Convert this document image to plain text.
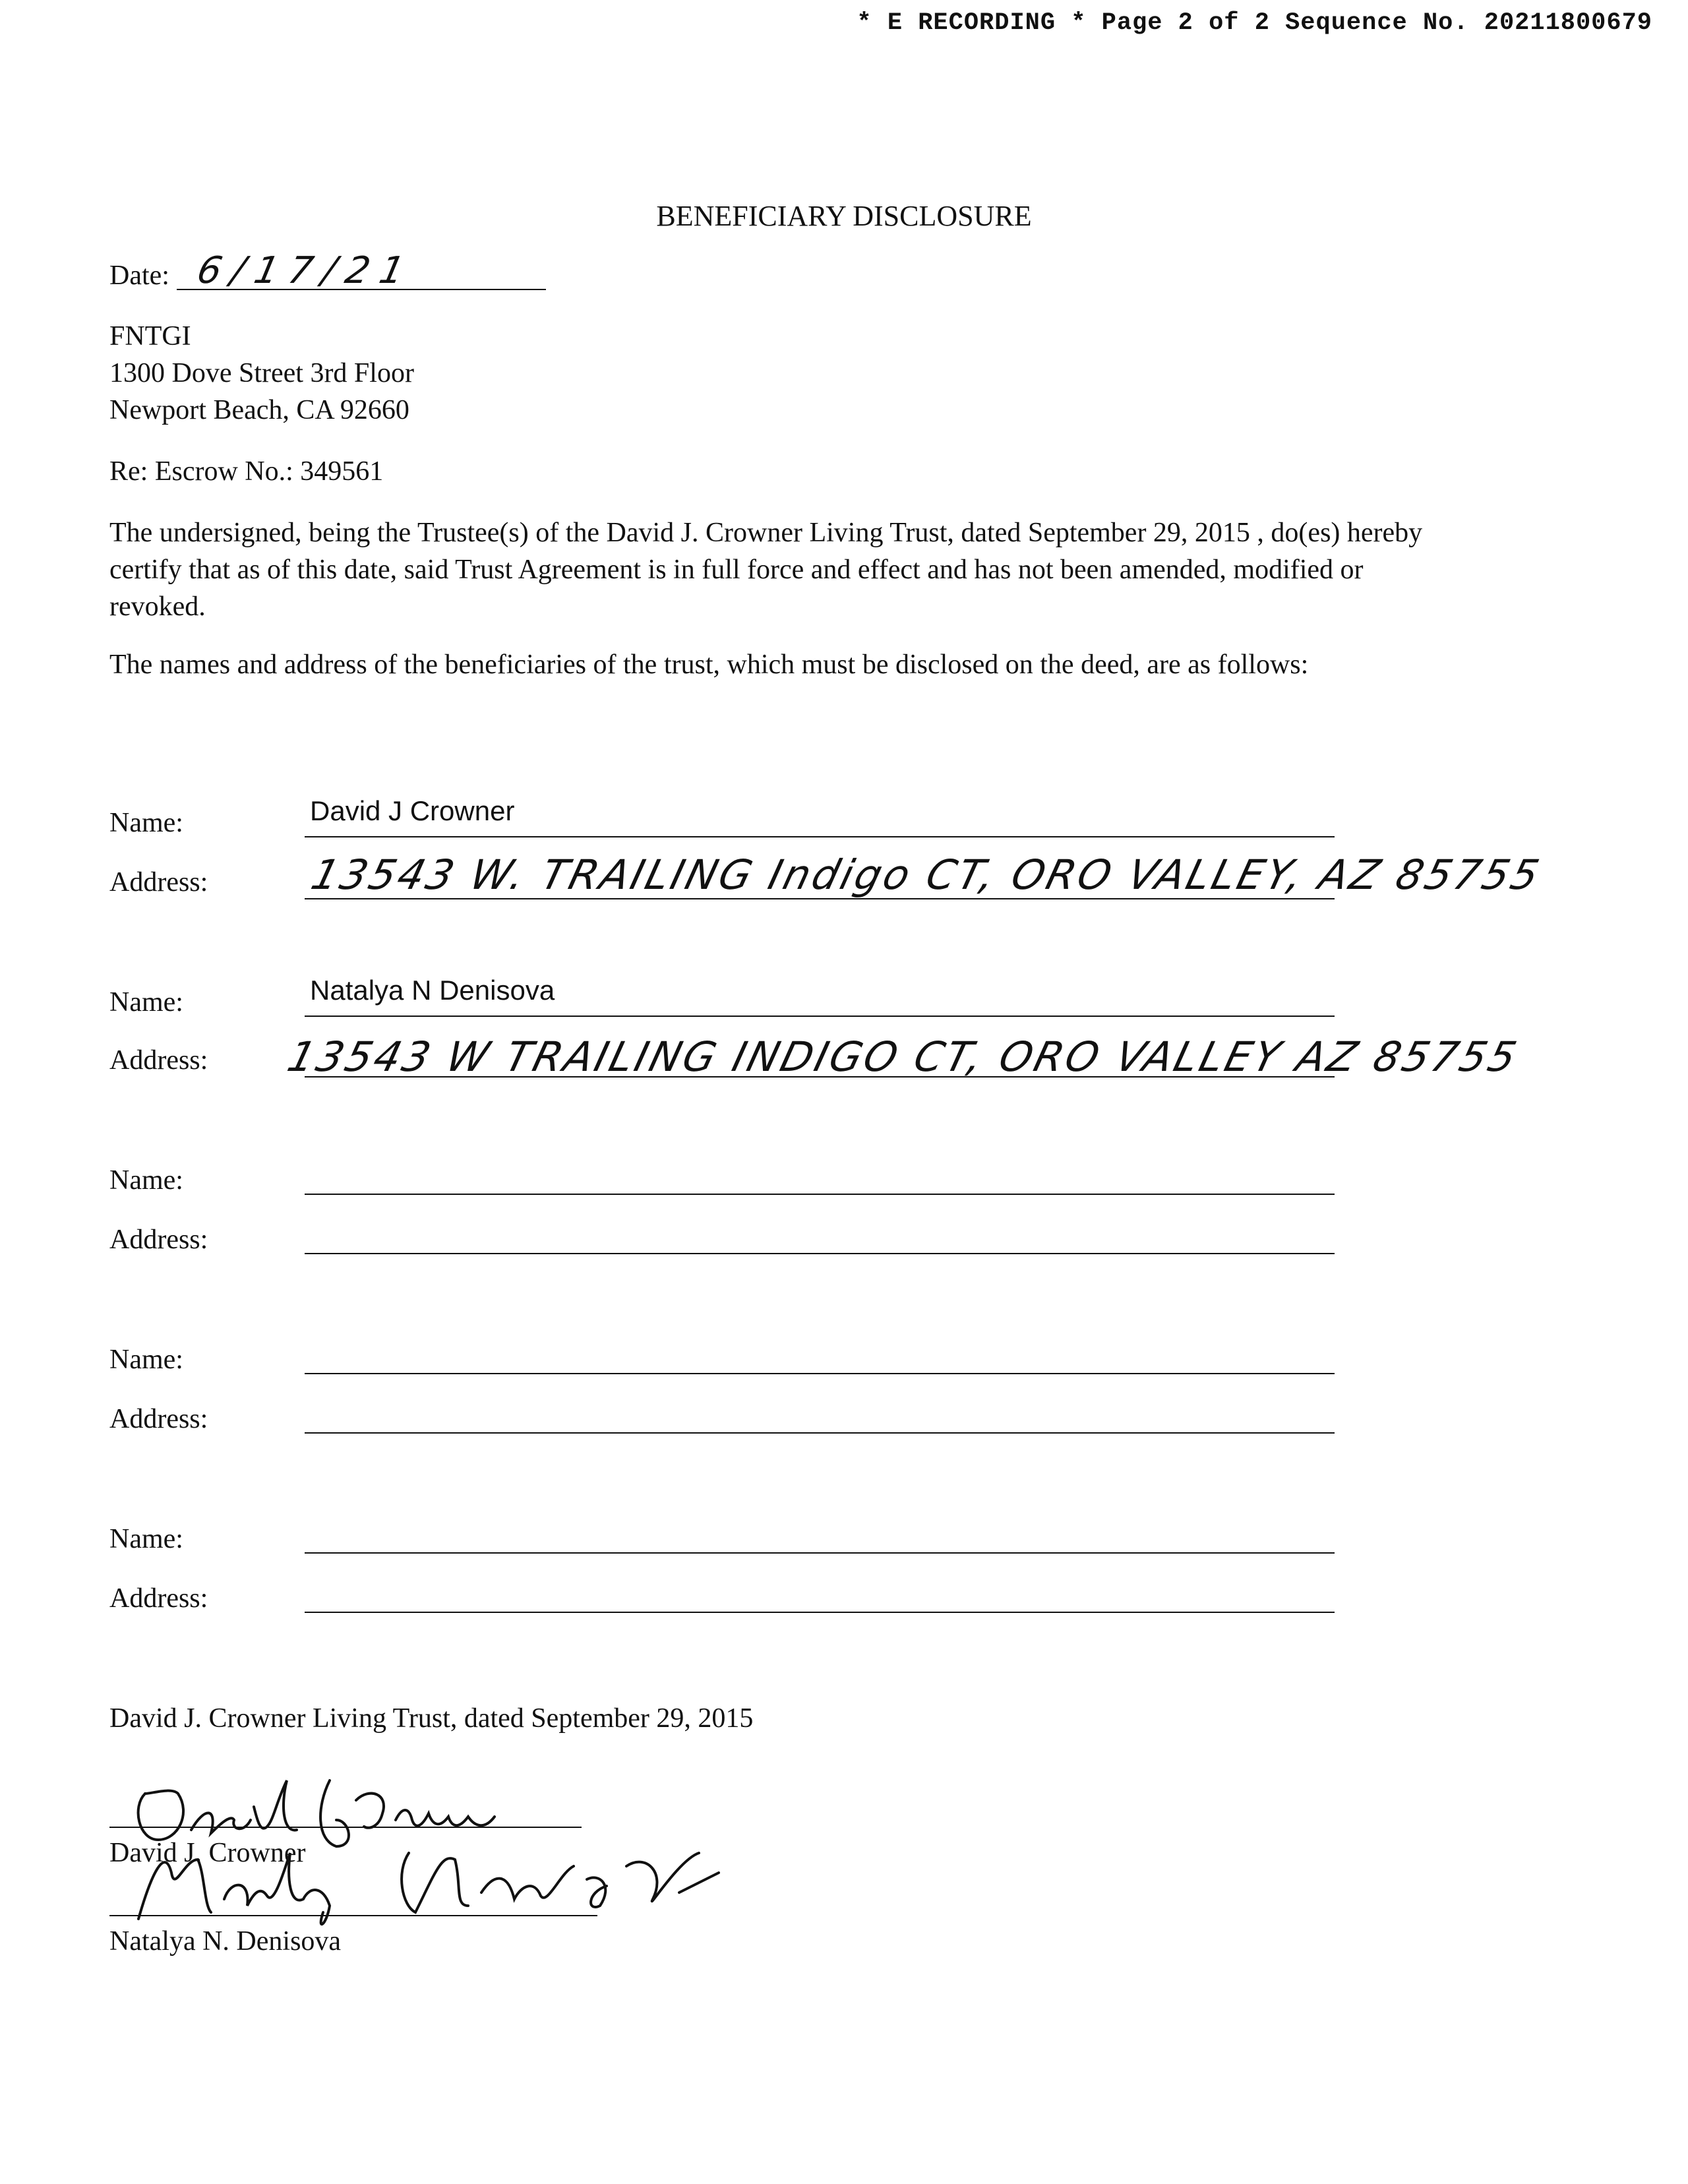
* E RECORDING * Page 2 of 2 Sequence No. 20211800679
BENEFICIARY DISCLOSURE
Date: 6/17/21
FNTGI
1300 Dove Street 3rd Floor
Newport Beach, CA 92660
Re: Escrow No.: 349561
The undersigned, being the Trustee(s) of the David J. Crowner Living Trust, dated September 29, 2015 , do(es) hereby certify that as of this date, said Trust Agreement is in full force and effect and has not been amended, modified or revoked.
The names and address of the beneficiaries of the trust, which must be disclosed on the deed, are as follows:
Name:	David J Crowner
Address: 13543 W. TRAILING Indigo CT, ORO VALLEY, AZ 85755
Name:	Natalya N Denisova
Address: 13543 W TRAILING INDIGO CT, ORO VALLEY AZ 85755
Name:
Address:
Name:
Address:
Name:
Address:
David J. Crowner Living Trust, dated September 29, 2015
David J. Crowner
Natalya N. Denisova
